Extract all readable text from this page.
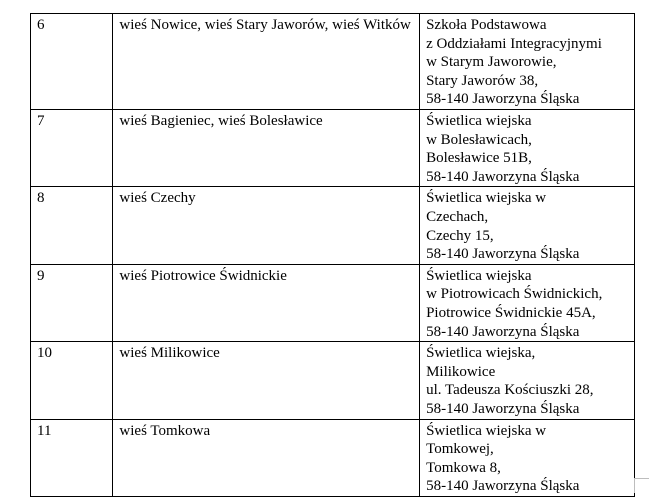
6	wieś Nowice, wieś Stary Jaworów, wieś Witków	Szkoła Podstawowa
z Oddziałami Integracyjnymi
w Starym Jaworowie,
Stary Jaworów 38,
58-140 Jaworzyna Śląska

7	wieś Bagieniec, wieś Bolesławice	Świetlica wiejska
w Bolesławicach,
Bolesławice 51B,
58-140 Jaworzyna Śląska

8	wieś Czechy	Świetlica wiejska w
Czechach,
Czechy 15,
58-140 Jaworzyna Śląska

9	wieś Piotrowice Świdnickie	Świetlica wiejska
w Piotrowicach Świdnickich,
Piotrowice Świdnickie 45A,
58-140 Jaworzyna Śląska

10	wieś Milikowice	Świetlica wiejska,
Milikowice
ul. Tadeusza Kościuszki 28,
58-140 Jaworzyna Śląska

11	wieś Tomkowa	Świetlica wiejska w
Tomkowej,
Tomkowa 8,
58-140 Jaworzyna Śląska
